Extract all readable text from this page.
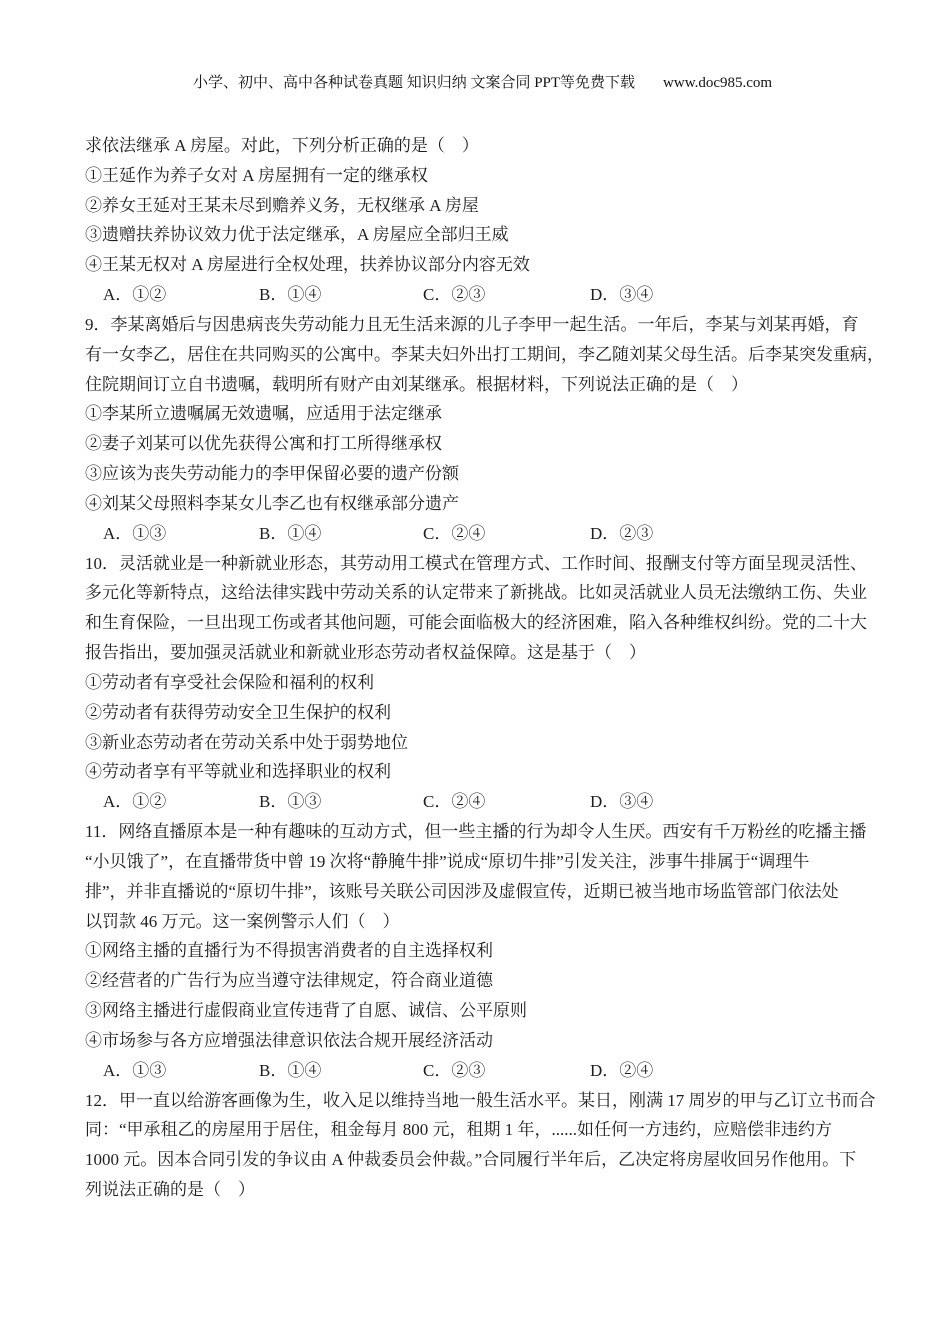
小学、初中、高中各种试卷真题 知识归纳 文案合同 PPT等免费下载 www.doc985.com

求依法继承 A 房屋。对此，下列分析正确的是（　）
①王延作为养子女对 A 房屋拥有一定的继承权
②养女王延对王某未尽到赡养义务，无权继承 A 房屋
③遗赠扶养协议效力优于法定继承，A 房屋应全部归王威
④王某无权对 A 房屋进行全权处理，扶养协议部分内容无效
A．①②	B．①④	C．②③	D．③④
9．李某离婚后与因患病丧失劳动能力且无生活来源的儿子李甲一起生活。一年后，李某与刘某再婚，育
有一女李乙，居住在共同购买的公寓中。李某夫妇外出打工期间，李乙随刘某父母生活。后李某突发重病，
住院期间订立自书遗嘱，载明所有财产由刘某继承。根据材料，下列说法正确的是（　）
①李某所立遗嘱属无效遗嘱，应适用于法定继承
②妻子刘某可以优先获得公寓和打工所得继承权
③应该为丧失劳动能力的李甲保留必要的遗产份额
④刘某父母照料李某女儿李乙也有权继承部分遗产
A．①③	B．①④	C．②④	D．②③
10．灵活就业是一种新就业形态，其劳动用工模式在管理方式、工作时间、报酬支付等方面呈现灵活性、
多元化等新特点，这给法律实践中劳动关系的认定带来了新挑战。比如灵活就业人员无法缴纳工伤、失业
和生育保险，一旦出现工伤或者其他问题，可能会面临极大的经济困难，陷入各种维权纠纷。党的二十大
报告指出，要加强灵活就业和新就业形态劳动者权益保障。这是基于（　）
①劳动者有享受社会保险和福利的权利
②劳动者有获得劳动安全卫生保护的权利
③新业态劳动者在劳动关系中处于弱势地位
④劳动者享有平等就业和选择职业的权利
A．①②	B．①③	C．②④	D．③④
11．网络直播原本是一种有趣味的互动方式，但一些主播的行为却令人生厌。西安有千万粉丝的吃播主播
“小贝饿了”，在直播带货中曾 19 次将“静腌牛排”说成“原切牛排”引发关注，涉事牛排属于“调理牛
排”，并非直播说的“原切牛排”，该账号关联公司因涉及虚假宣传，近期已被当地市场监管部门依法处
以罚款 46 万元。这一案例警示人们（　）
①网络主播的直播行为不得损害消费者的自主选择权利
②经营者的广告行为应当遵守法律规定，符合商业道德
③网络主播进行虚假商业宣传违背了自愿、诚信、公平原则
④市场参与各方应增强法律意识依法合规开展经济活动
A．①③	B．①④	C．②③	D．②④
12．甲一直以给游客画像为生，收入足以维持当地一般生活水平。某日，刚满 17 周岁的甲与乙订立书而合
同：“甲承租乙的房屋用于居住，租金每月 800 元，租期 1 年，......如任何一方违约，应赔偿非违约方
1000 元。因本合同引发的争议由 A 仲裁委员会仲裁。”合同履行半年后，乙决定将房屋收回另作他用。下
列说法正确的是（　）
